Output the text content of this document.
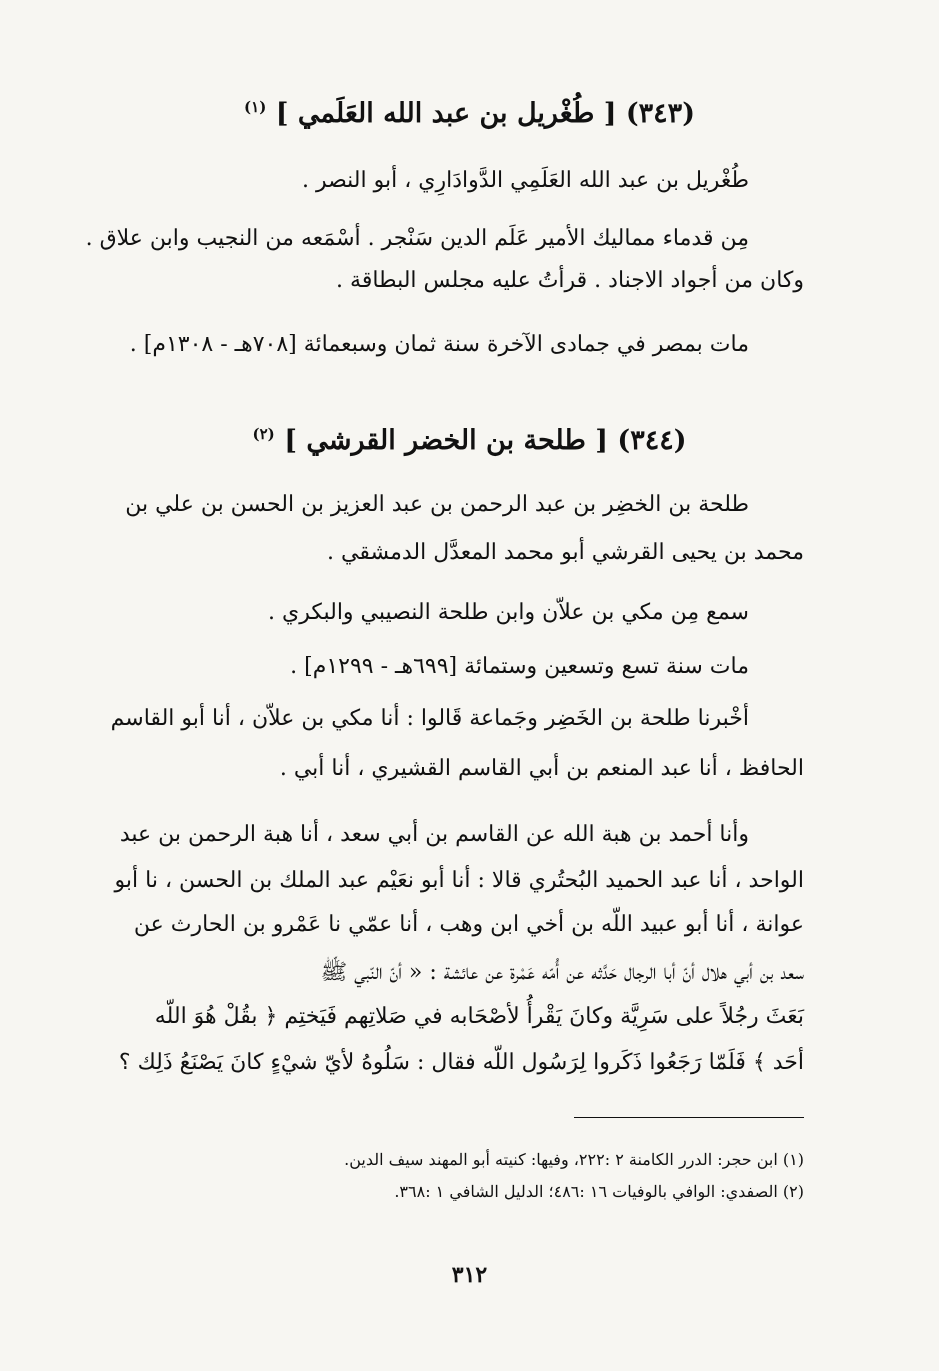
(٣٤٣) [ طُغْريل بن عبد الله العَلَمي ] $^{(١)}$
طُغْريل بن عبد الله العَلَمِي الدَّوادَارِي ، أبو النصر .
مِن قدماء مماليك الأمير عَلَم الدين سَنْجر . أسْمَعه من النجيب وابن علاق .
وكان من أجواد الاجناد . قرأتُ عليه مجلس البطاقة .
مات بمصر في جمادى الآخرة سنة ثمان وسبعمائة [٧٠٨هـ - ١٣٠٨م] .
(٣٤٤) [ طلحة بن الخضر القرشي ] $^{(٢)}$
طلحة بن الخضِر بن عبد الرحمن بن عبد العزيز بن الحسن بن علي بن
محمد بن يحيى القرشي أبو محمد المعدَّل الدمشقي .
سمع مِن مكي بن علاّن وابن طلحة النصيبي والبكري .
مات سنة تسع وتسعين وستمائة [٦٩٩هـ - ١٢٩٩م] .
أخْبرنا طلحة بن الخَضِر وجَماعة قَالوا : أنا مكي بن علاّن ، أنا أبو القاسم
الحافظ ، أنا عبد المنعم بن أبي القاسم القشيري ، أنا أبي .
وأنا أحمد بن هبة الله عن القاسم بن أبي سعد ، أنا هبة الرحمن بن عبد
الواحد ، أنا عبد الحميد البُحتُري قالا : أنا أبو نعَيْم عبد الملك بن الحسن ، نا أبو
عوانة ، أنا أبو عبيد اللّه بن أخي ابن وهب ، أنا عمّي نا عَمْرو بن الحارث عن
سعد بن أبي هلال أنّ أبا الرجال حَدَّثه عن أُمّه عَمْرة عن عائشة : « أنّ النّبي ﷺ
بَعَثَ رجُلاً على سَرِيَّة وكانَ يَقْرأُ لأصْحَابه في صَلاتِهم فَيَختِم ﴿ بقُلْ هُوَ اللّه
أحَد ﴾ فَلَمّا رَجَعُوا ذَكَروا لِرَسُول اللّه فقال : سَلُوهُ لأيّ شيْءٍ كانَ يَصْنَعُ ذَلِك ؟
(١) ابن حجر: الدرر الكامنة ٢ :٢٢٢، وفيها: كنيته أبو المهند سيف الدين.
(٢) الصفدي: الوافي بالوفيات ١٦ :٤٨٦؛ الدليل الشافي ١ :٣٦٨.
٣١٢
